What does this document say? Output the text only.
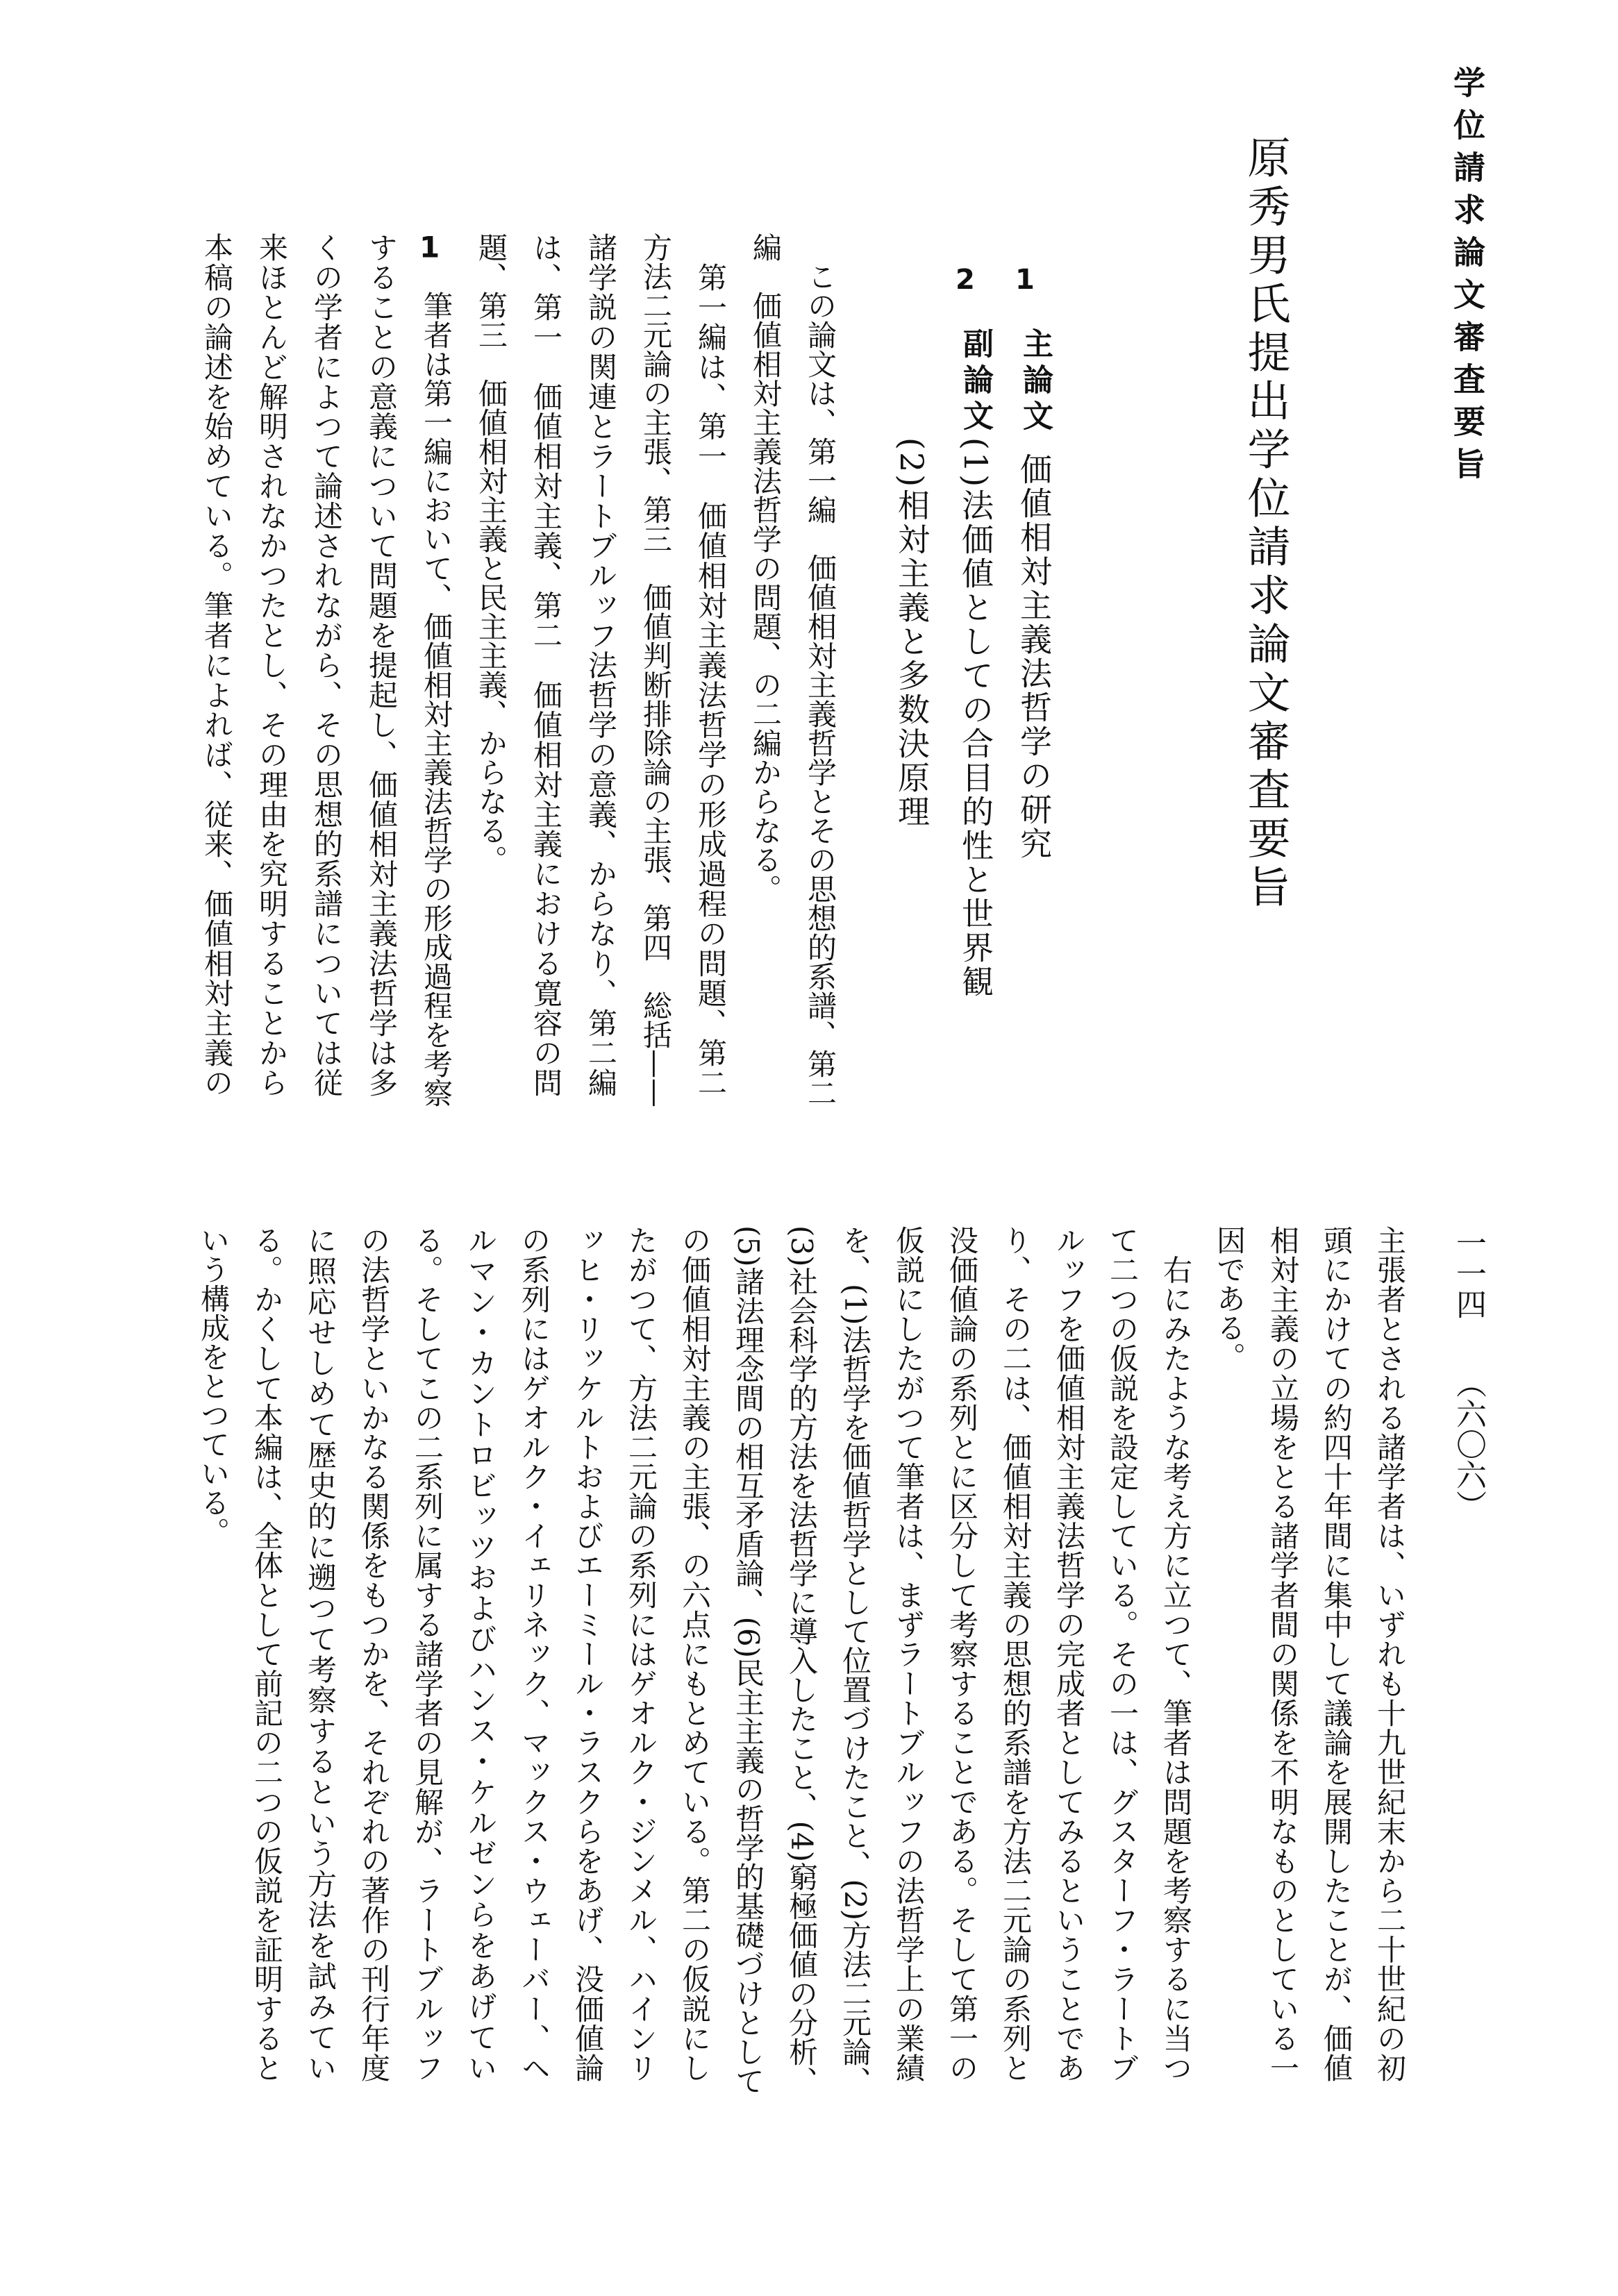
学位請求論文審査要旨
原秀男氏提出学位請求論文審査要旨
1
主論文
価値相対主義法哲学の研究
2
副論文
(1)法価値としての合目的性と世界観
(2)相対主義と多数決原理
　この論文は、第一編　価値相対主義哲学とその思想的系譜、第二
編　価値相対主義法哲学の問題、の二編からなる。
　第一編は、第一　価値相対主義法哲学の形成過程の問題、第二
方法二元論の主張、第三　価値判断排除論の主張、第四　総括——
諸学説の関連とラートブルッフ法哲学の意義、からなり、第二編
は、第一　価値相対主義、第二　価値相対主義における寛容の問
題、第三　価値相対主義と民主主義、からなる。
1　筆者は第一編において、価値相対主義法哲学の形成過程を考察
することの意義について問題を提起し、価値相対主義法哲学は多
くの学者によつて論述されながら、その思想的系譜については従
来ほとんど解明されなかつたとし、その理由を究明することから
本稿の論述を始めている。筆者によれば、従来、価値相対主義の
一一四（六〇六）
主張者とされる諸学者は、いずれも十九世紀末から二十世紀の初
頭にかけての約四十年間に集中して議論を展開したことが、価値
相対主義の立場をとる諸学者間の関係を不明なものとしている一
因である。
　右にみたような考え方に立つて、筆者は問題を考察するに当つ
て二つの仮説を設定している。その一は、グスターフ・ラートブ
ルッフを価値相対主義法哲学の完成者としてみるということであ
り、その二は、価値相対主義の思想的系譜を方法二元論の系列と
没価値論の系列とに区分して考察することである。そして第一の
仮説にしたがつて筆者は、まずラートブルッフの法哲学上の業績
を、(1)法哲学を価値哲学として位置づけたこと、(2)方法二元論、
(3)社会科学的方法を法哲学に導入したこと、(4)窮極価値の分析、
(5)諸法理念間の相互矛盾論、(6)民主主義の哲学的基礎づけとして
の価値相対主義の主張、の六点にもとめている。第二の仮説にし
たがつて、方法二元論の系列にはゲオルク・ジンメル、ハインリ
ッヒ・リッケルトおよびエーミール・ラスクらをあげ、没価値論
の系列にはゲオルク・イェリネック、マックス・ウェーバー、ヘ
ルマン・カントロビッツおよびハンス・ケルゼンらをあげてい
る。そしてこの二系列に属する諸学者の見解が、ラートブルッフ
の法哲学といかなる関係をもつかを、それぞれの著作の刊行年度
に照応せしめて歴史的に遡つて考察するという方法を試みてい
る。かくして本編は、全体として前記の二つの仮説を証明すると
いう構成をとつている。
